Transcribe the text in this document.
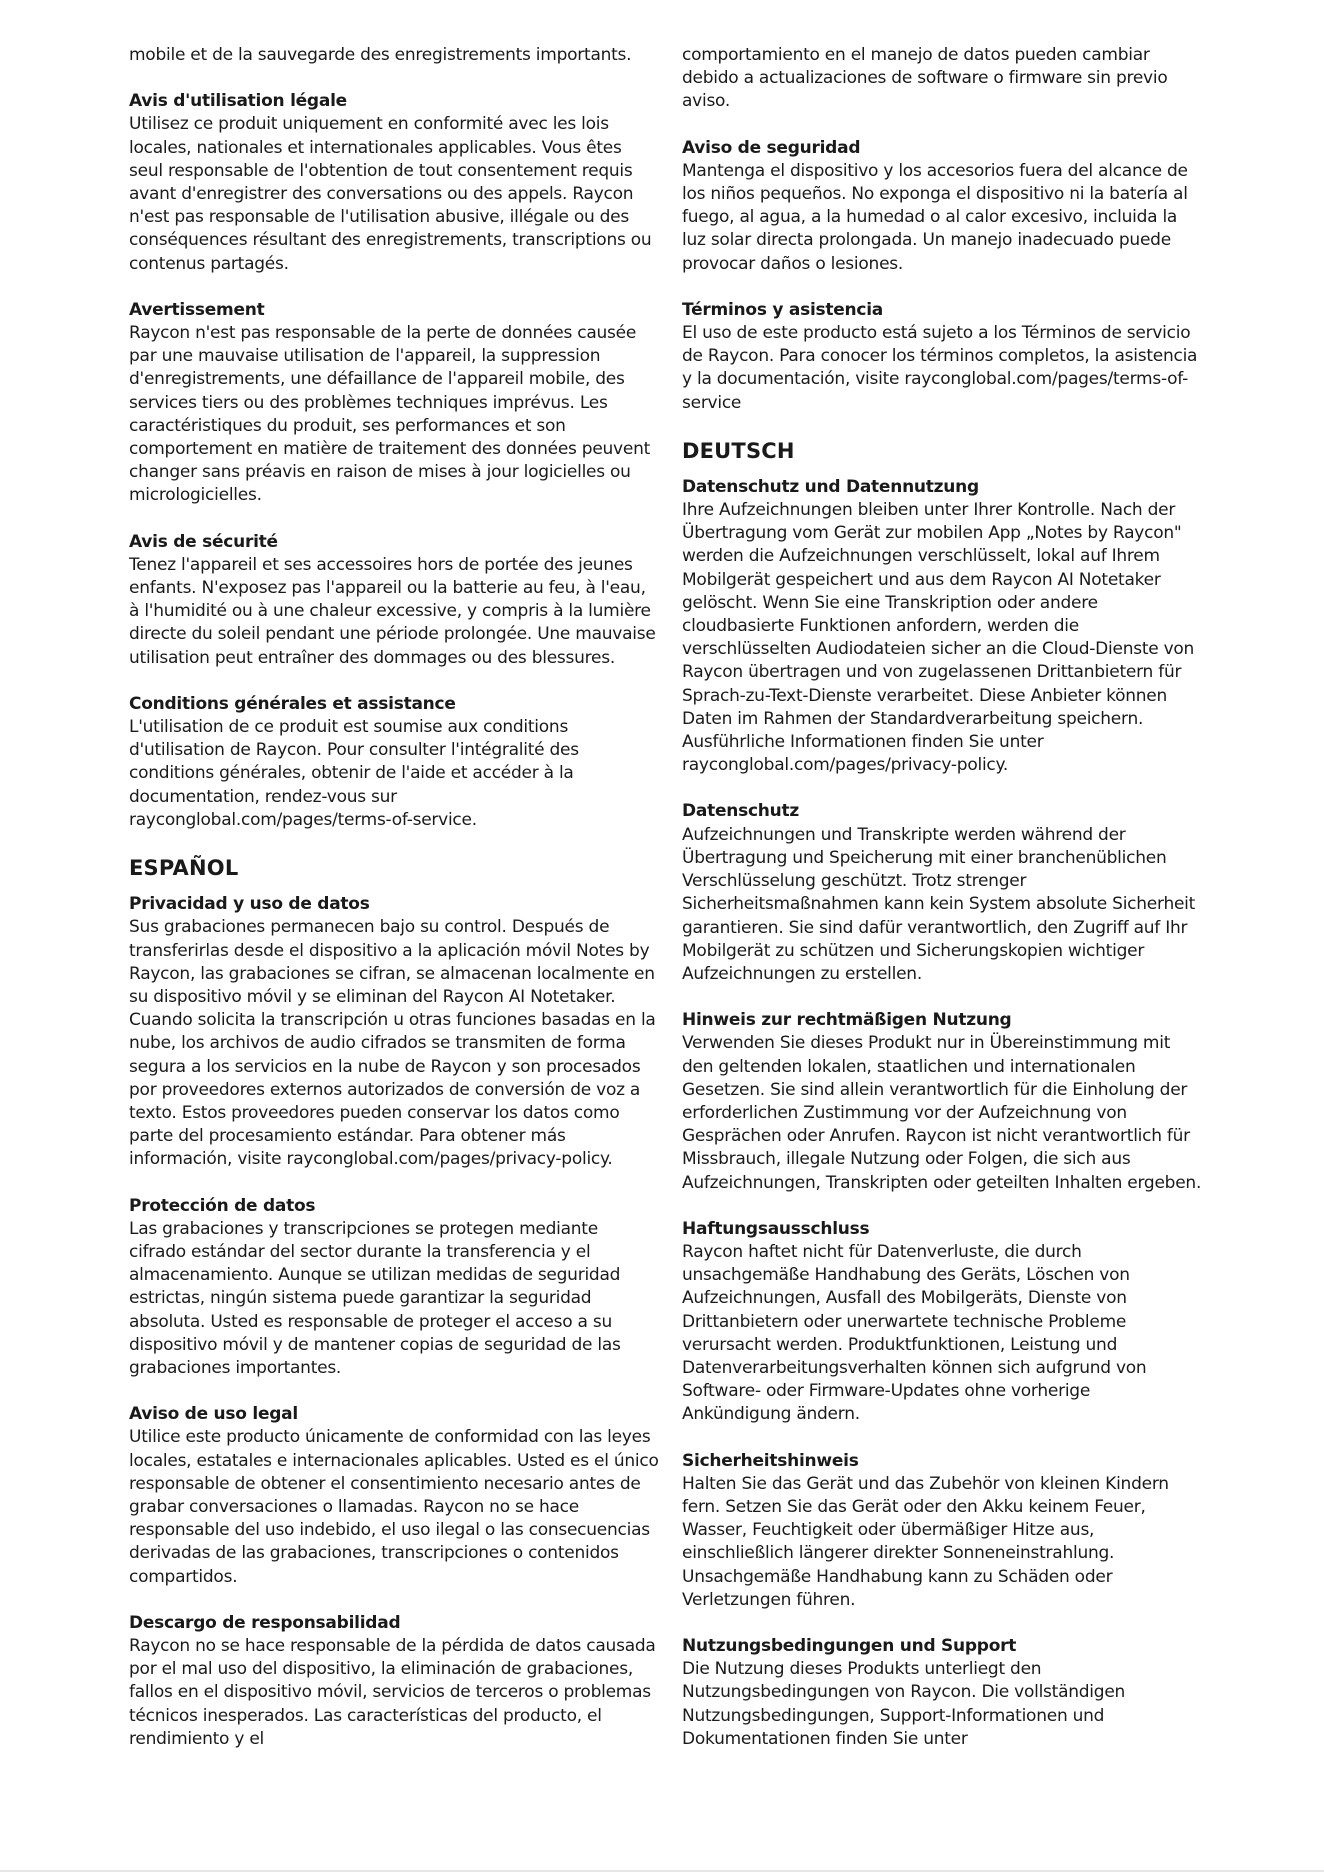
mobile et de la sauvegarde des enregistrements importants.

Avis d'utilisation légale

Utilisez ce produit uniquement en conformité avec les lois locales, nationales et internationales applicables. Vous êtes seul responsable de l'obtention de tout consentement requis avant d'enregistrer des conversations ou des appels. Raycon n'est pas responsable de l'utilisation abusive, illégale ou des conséquences résultant des enregistrements, transcriptions ou contenus partagés.

Avertissement

Raycon n'est pas responsable de la perte de données causée par une mauvaise utilisation de l'appareil, la suppression d'enregistrements, une défaillance de l'appareil mobile, des services tiers ou des problèmes techniques imprévus. Les caractéristiques du produit, ses performances et son comportement en matière de traitement des données peuvent changer sans préavis en raison de mises à jour logicielles ou micrologicielles.

Avis de sécurité

Tenez l'appareil et ses accessoires hors de portée des jeunes enfants. N'exposez pas l'appareil ou la batterie au feu, à l'eau, à l'humidité ou à une chaleur excessive, y compris à la lumière directe du soleil pendant une période prolongée. Une mauvaise utilisation peut entraîner des dommages ou des blessures.

Conditions générales et assistance

L'utilisation de ce produit est soumise aux conditions d'utilisation de Raycon. Pour consulter l'intégralité des conditions générales, obtenir de l'aide et accéder à la documentation, rendez-vous sur rayconglobal.com/pages/terms-of-service.

ESPAÑOL
Privacidad y uso de datos

Sus grabaciones permanecen bajo su control. Después de transferirlas desde el dispositivo a la aplicación móvil Notes by Raycon, las grabaciones se cifran, se almacenan localmente en su dispositivo móvil y se eliminan del Raycon AI Notetaker. Cuando solicita la transcripción u otras funciones basadas en la nube, los archivos de audio cifrados se transmiten de forma segura a los servicios en la nube de Raycon y son procesados por proveedores externos autorizados de conversión de voz a texto. Estos proveedores pueden conservar los datos como parte del procesamiento estándar. Para obtener más información, visite rayconglobal.com/pages/privacy-policy.

Protección de datos

Las grabaciones y transcripciones se protegen mediante cifrado estándar del sector durante la transferencia y el almacenamiento. Aunque se utilizan medidas de seguridad estrictas, ningún sistema puede garantizar la seguridad absoluta. Usted es responsable de proteger el acceso a su dispositivo móvil y de mantener copias de seguridad de las grabaciones importantes.

Aviso de uso legal

Utilice este producto únicamente de conformidad con las leyes locales, estatales e internacionales aplicables. Usted es el único responsable de obtener el consentimiento necesario antes de grabar conversaciones o llamadas. Raycon no se hace responsable del uso indebido, el uso ilegal o las consecuencias derivadas de las grabaciones, transcripciones o contenidos compartidos.

Descargo de responsabilidad

Raycon no se hace responsable de la pérdida de datos causada por el mal uso del dispositivo, la eliminación de grabaciones, fallos en el dispositivo móvil, servicios de terceros o problemas técnicos inesperados. Las características del producto, el rendimiento y el

comportamiento en el manejo de datos pueden cambiar debido a actualizaciones de software o firmware sin previo aviso.

Aviso de seguridad

Mantenga el dispositivo y los accesorios fuera del alcance de los niños pequeños. No exponga el dispositivo ni la batería al fuego, al agua, a la humedad o al calor excesivo, incluida la luz solar directa prolongada. Un manejo inadecuado puede provocar daños o lesiones.

Términos y asistencia

El uso de este producto está sujeto a los Términos de servicio de Raycon. Para conocer los términos completos, la asistencia y la documentación, visite rayconglobal.com/pages/terms-of-service

DEUTSCH
Datenschutz und Datennutzung

Ihre Aufzeichnungen bleiben unter Ihrer Kontrolle. Nach der Übertragung vom Gerät zur mobilen App „Notes by Raycon" werden die Aufzeichnungen verschlüsselt, lokal auf Ihrem Mobilgerät gespeichert und aus dem Raycon AI Notetaker gelöscht. Wenn Sie eine Transkription oder andere cloudbasierte Funktionen anfordern, werden die verschlüsselten Audiodateien sicher an die Cloud-Dienste von Raycon übertragen und von zugelassenen Drittanbietern für Sprach-zu-Text-Dienste verarbeitet. Diese Anbieter können Daten im Rahmen der Standardverarbeitung speichern. Ausführliche Informationen finden Sie unter rayconglobal.com/pages/privacy-policy.

Datenschutz

Aufzeichnungen und Transkripte werden während der Übertragung und Speicherung mit einer branchenüblichen Verschlüsselung geschützt. Trotz strenger Sicherheitsmaßnahmen kann kein System absolute Sicherheit garantieren. Sie sind dafür verantwortlich, den Zugriff auf Ihr Mobilgerät zu schützen und Sicherungskopien wichtiger Aufzeichnungen zu erstellen.

Hinweis zur rechtmäßigen Nutzung

Verwenden Sie dieses Produkt nur in Übereinstimmung mit den geltenden lokalen, staatlichen und internationalen Gesetzen. Sie sind allein verantwortlich für die Einholung der erforderlichen Zustimmung vor der Aufzeichnung von Gesprächen oder Anrufen. Raycon ist nicht verantwortlich für Missbrauch, illegale Nutzung oder Folgen, die sich aus Aufzeichnungen, Transkripten oder geteilten Inhalten ergeben.

Haftungsausschluss

Raycon haftet nicht für Datenverluste, die durch unsachgemäße Handhabung des Geräts, Löschen von Aufzeichnungen, Ausfall des Mobilgeräts, Dienste von Drittanbietern oder unerwartete technische Probleme verursacht werden. Produktfunktionen, Leistung und Datenverarbeitungsverhalten können sich aufgrund von Software- oder Firmware-Updates ohne vorherige Ankündigung ändern.

Sicherheitshinweis

Halten Sie das Gerät und das Zubehör von kleinen Kindern fern. Setzen Sie das Gerät oder den Akku keinem Feuer, Wasser, Feuchtigkeit oder übermäßiger Hitze aus, einschließlich längerer direkter Sonneneinstrahlung. Unsachgemäße Handhabung kann zu Schäden oder Verletzungen führen.

Nutzungsbedingungen und Support

Die Nutzung dieses Produkts unterliegt den Nutzungsbedingungen von Raycon. Die vollständigen Nutzungsbedingungen, Support-Informationen und Dokumentationen finden Sie unter
